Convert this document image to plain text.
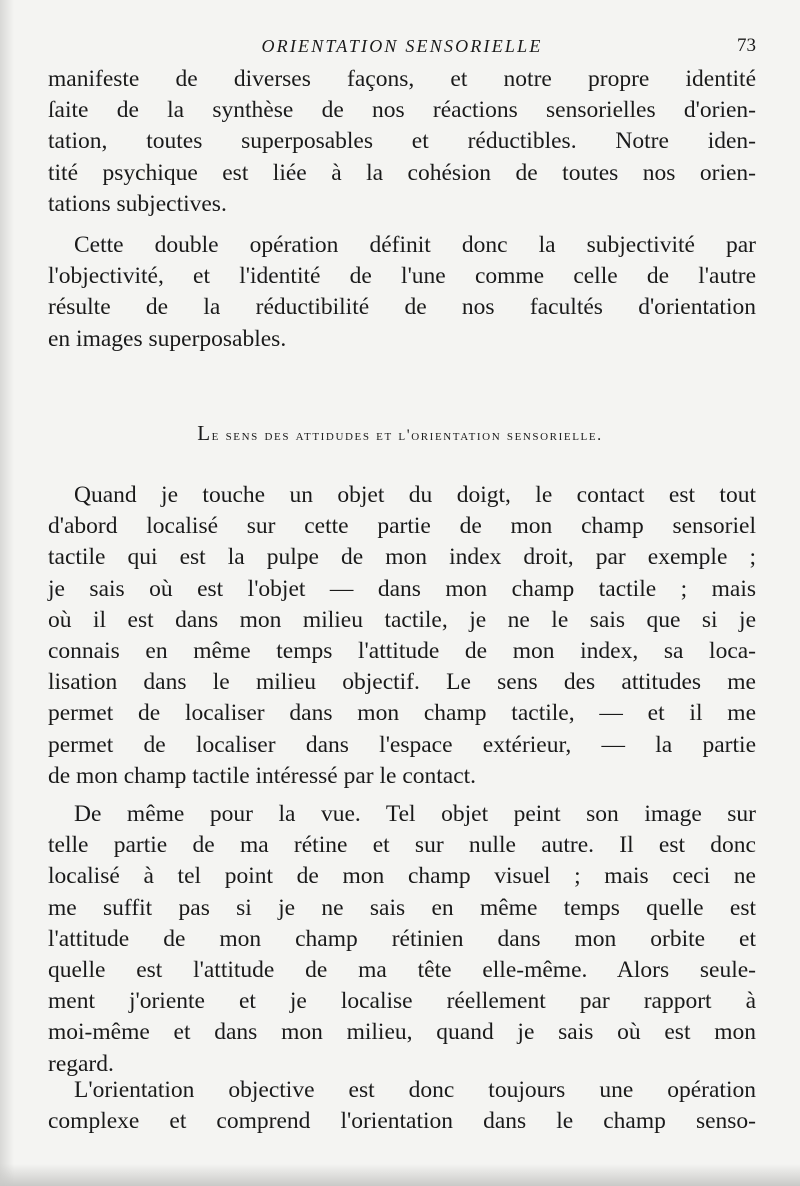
ORIENTATION SENSORIELLE	73
manifeste de diverses façons, et notre propre identité
ſaite de la synthèse de nos réactions sensorielles d'orien-
tation, toutes superposables et réductibles. Notre iden-
tité psychique est liée à la cohésion de toutes nos orien-
tations subjectives.
Cette double opération définit donc la subjectivité par
l'objectivité, et l'identité de l'une comme celle de l'autre
résulte de la réductibilité de nos facultés d'orientation
en images superposables.
Le sens des attidudes et l'orientation sensorielle.
Quand je touche un objet du doigt, le contact est tout
d'abord localisé sur cette partie de mon champ sensoriel
tactile qui est la pulpe de mon index droit, par exemple ;
je sais où est l'objet — dans mon champ tactile ; mais
où il est dans mon milieu tactile, je ne le sais que si je
connais en même temps l'attitude de mon index, sa loca-
lisation dans le milieu objectif. Le sens des attitudes me
permet de localiser dans mon champ tactile, — et il me
permet de localiser dans l'espace extérieur, — la partie
de mon champ tactile intéressé par le contact.
De même pour la vue. Tel objet peint son image sur
telle partie de ma rétine et sur nulle autre. Il est donc
localisé à tel point de mon champ visuel ; mais ceci ne
me suffit pas si je ne sais en même temps quelle est
l'attitude de mon champ rétinien dans mon orbite et
quelle est l'attitude de ma tête elle-même. Alors seule-
ment j'oriente et je localise réellement par rapport à
moi-même et dans mon milieu, quand je sais où est mon
regard.
L'orientation objective est donc toujours une opération
complexe et comprend l'orientation dans le champ senso-
